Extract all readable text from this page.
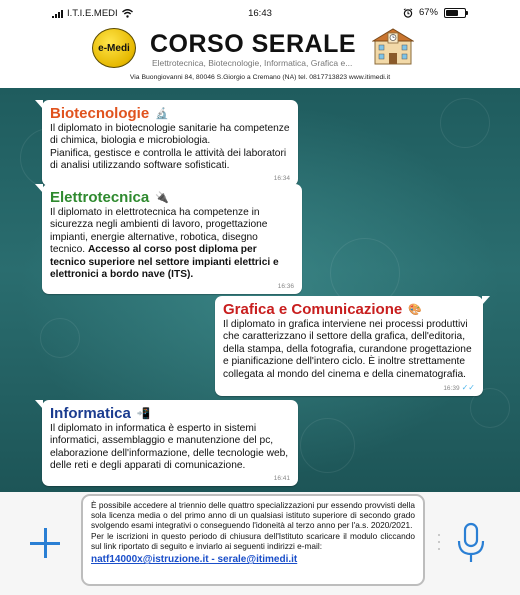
I.T.I.E.MEDI	16:43	67%
e-Medi CORSO SERALE
Elettrotecnica, Biotecnologie, Informatica, Grafica e...
Via Buongiovanni 84, 80046 S.Giorgio a Cremano (NA) tel. 0817713823 www.itimedi.it
Biotecnologie 🔬
Il diplomato in biotecnologie sanitarie ha competenze di chimica, biologia e microbiologia.
Pianifica, gestisce e controlla le attività dei laboratori di analisi utilizzando software sofisticati.
16:34
Elettrotecnica 🔌
Il diplomato in elettrotecnica ha competenze in sicurezza negli ambienti di lavoro, progettazione impianti, energie alternative, robotica, disegno tecnico. Accesso al corso post diploma per tecnico superiore nel settore impianti elettrici e elettronici a bordo nave (ITS).
16:36
Grafica e Comunicazione 🎨
Il diplomato in grafica interviene nei processi produttivi che caratterizzano il settore della grafica, dell'editoria, della stampa, della fotografia, curandone progettazione e pianificazione dell'intero ciclo. È inoltre strettamente collegata al mondo del cinema e della cinematografia.
16:39 ✓✓
Informatica 📲
Il diplomato in informatica è esperto in sistemi informatici, assemblaggio e manutenzione del pc, elaborazione dell'informazione, delle tecnologie web, delle reti e degli apparati di comunicazione.
16:41
È possibile accedere al triennio delle quattro specializzazioni pur essendo provvisti della sola licenza media o del primo anno di un qualsiasi istituto superiore di secondo grado svolgendo esami integrativi o conseguendo l'idoneità al terzo anno per l'a.s. 2020/2021.
Per le iscrizioni in questo periodo di chiusura dell'Istituto scaricare il modulo cliccando sul link riportato di seguito e inviarlo ai seguenti indirizzi e-mail:
natf14000x@istruzione.it - serale@itimedi.it
